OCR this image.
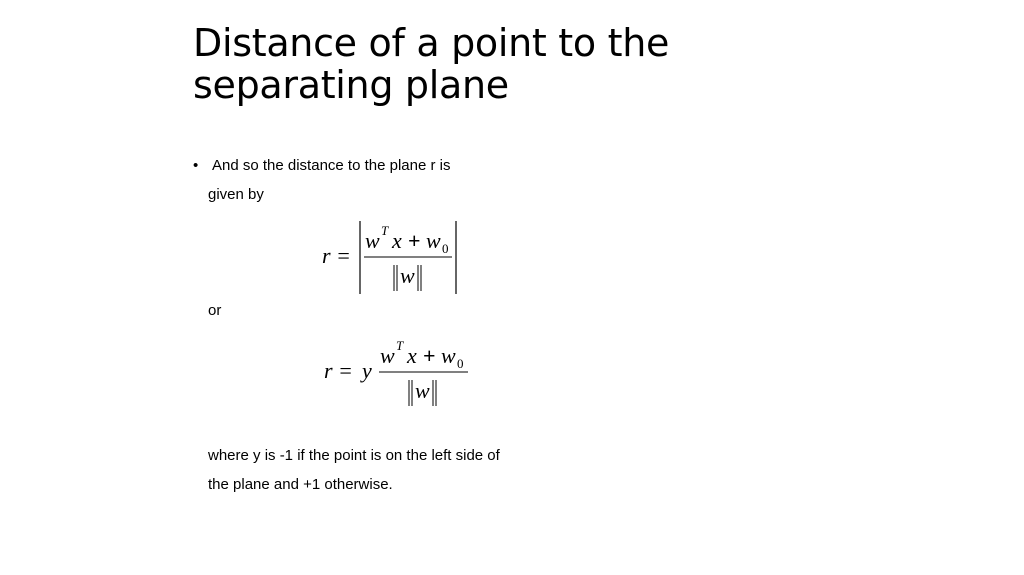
Distance of a point to the
separating plane
• And so the distance to the plane r is
given by
r =
w T x + w 0
w
or
r = y
w T x + w 0
w
where y is -1 if the point is on the left side of
the plane and +1 otherwise.
